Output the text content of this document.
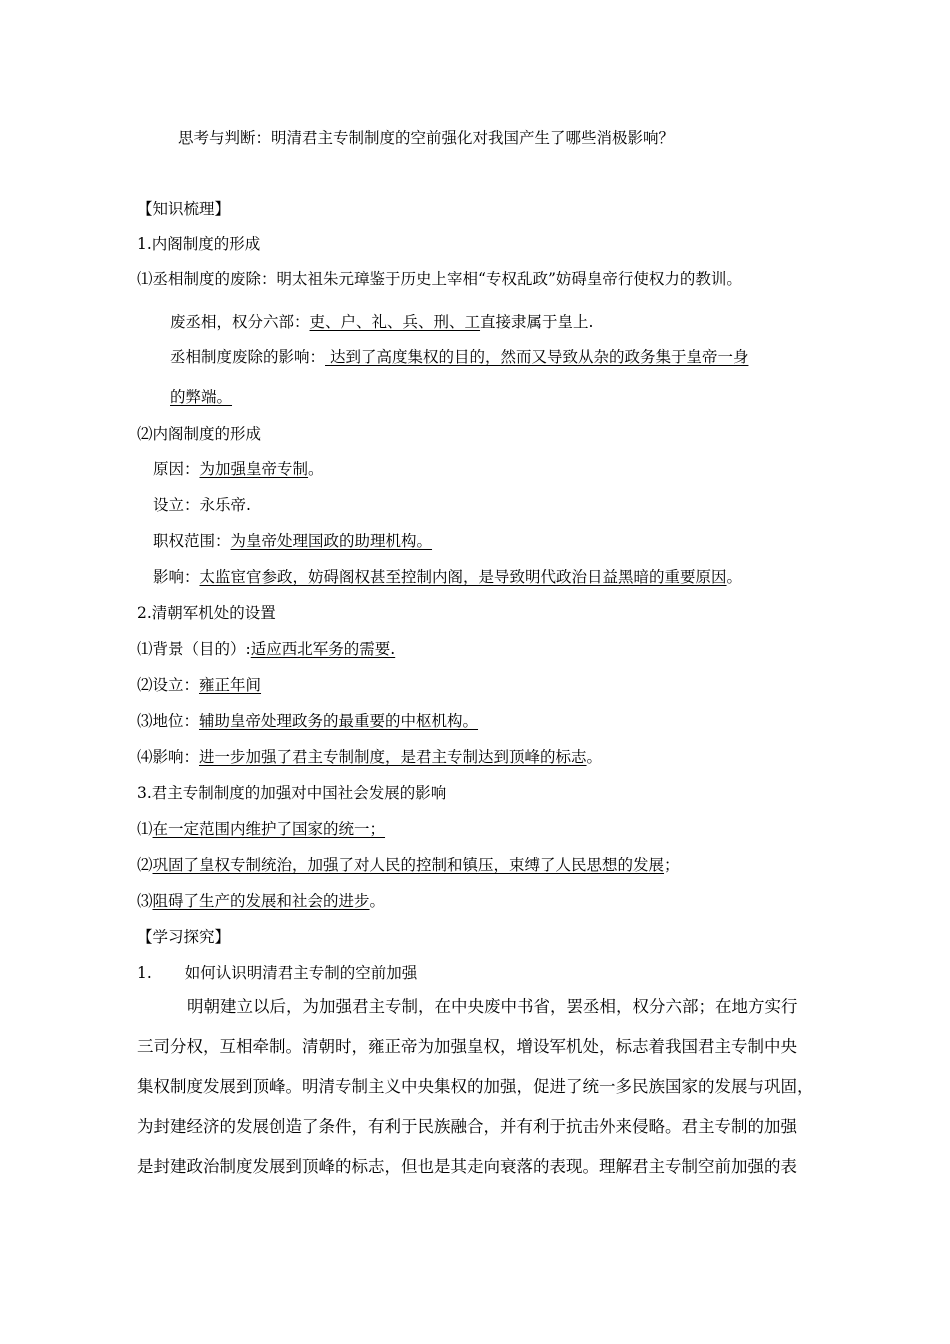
思考与判断：明清君主专制制度的空前强化对我国产生了哪些消极影响？
【知识梳理】
1.内阁制度的形成
⑴丞相制度的废除：明太祖朱元璋鉴于历史上宰相“专权乱政”妨碍皇帝行使权力的教训。
废丞相，权分六部：吏、户、礼、兵、刑、工直接隶属于皇上.
丞相制度废除的影响： 达到了高度集权的目的，然而又导致从杂的政务集于皇帝一身
的弊端。
⑵内阁制度的形成
原因：为加强皇帝专制。
设立：永乐帝.
职权范围：为皇帝处理国政的助理机构。
影响：太监宦官参政，妨碍阁权甚至控制内阁，是导致明代政治日益黑暗的重要原因。
2.清朝军机处的设置
⑴背景（目的）:适应西北军务的需要.
⑵设立：雍正年间
⑶地位：辅助皇帝处理政务的最重要的中枢机构。
⑷影响：进一步加强了君主专制制度，是君主专制达到顶峰的标志。
3.君主专制制度的加强对中国社会发展的影响
⑴在一定范围内维护了国家的统一；
⑵巩固了皇权专制统治，加强了对人民的控制和镇压，束缚了人民思想的发展；
⑶阻碍了生产的发展和社会的进步。
【学习探究】
1. 如何认识明清君主专制的空前加强
明朝建立以后，为加强君主专制，在中央废中书省，罢丞相，权分六部；在地方实行
三司分权，互相牵制。清朝时，雍正帝为加强皇权，增设军机处，标志着我国君主专制中央
集权制度发展到顶峰。明清专制主义中央集权的加强，促进了统一多民族国家的发展与巩固，
为封建经济的发展创造了条件，有利于民族融合，并有利于抗击外来侵略。君主专制的加强
是封建政治制度发展到顶峰的标志，但也是其走向衰落的表现。理解君主专制空前加强的表
